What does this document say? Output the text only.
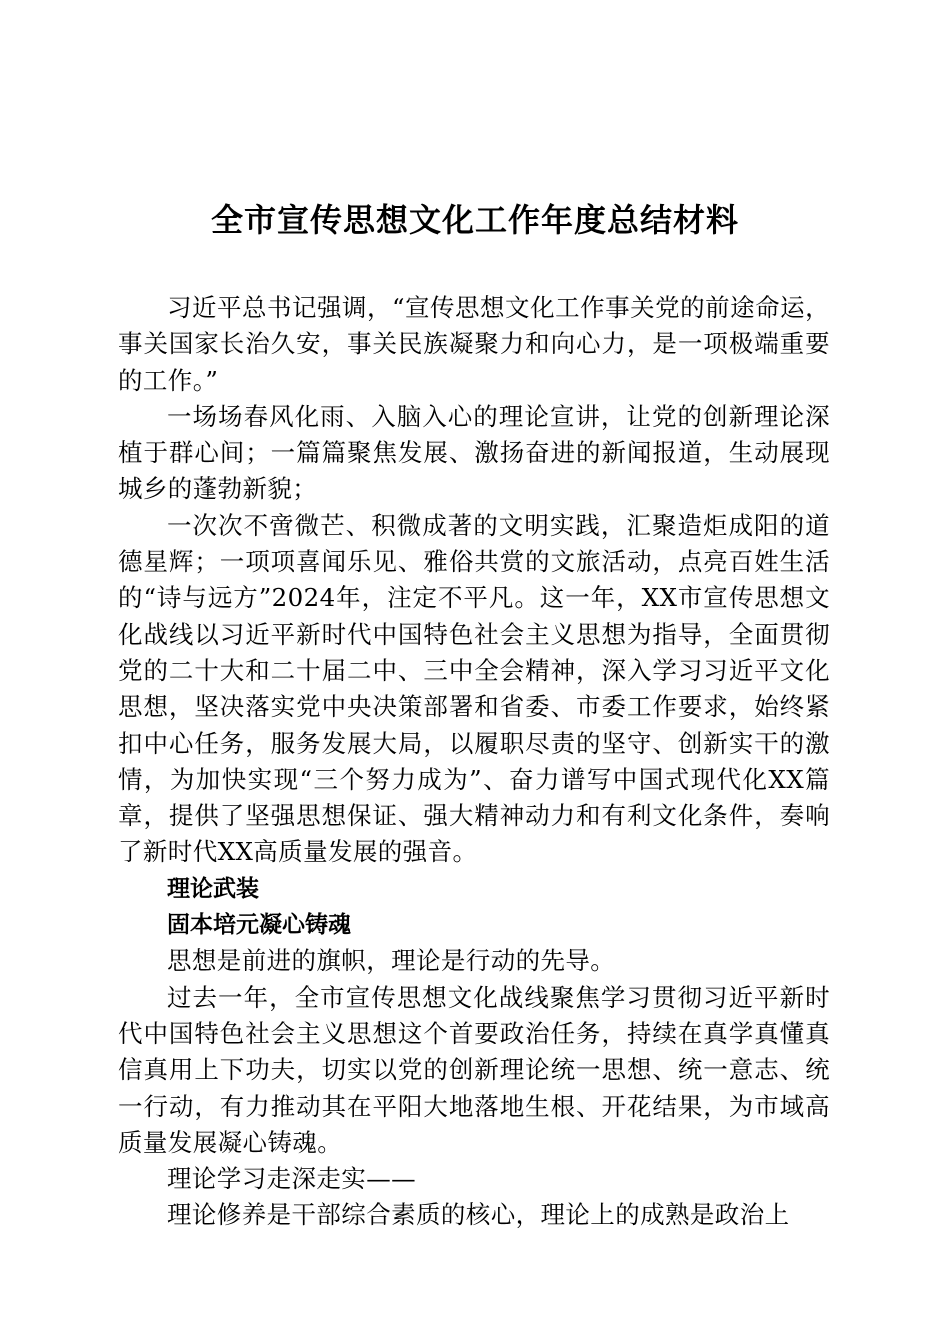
全市宣传思想文化工作年度总结材料

习近平总书记强调，“宣传思想文化工作事关党的前途命运，事关国家长治久安，事关民族凝聚力和向心力，是一项极端重要的工作。”

一场场春风化雨、入脑入心的理论宣讲，让党的创新理论深植于群心间；一篇篇聚焦发展、激扬奋进的新闻报道，生动展现城乡的蓬勃新貌；

一次次不啻微芒、积微成著的文明实践，汇聚造炬成阳的道德星辉；一项项喜闻乐见、雅俗共赏的文旅活动，点亮百姓生活的“诗与远方”2024年，注定不平凡。这一年，XX市宣传思想文化战线以习近平新时代中国特色社会主义思想为指导，全面贯彻党的二十大和二十届二中、三中全会精神，深入学习习近平文化思想，坚决落实党中央决策部署和省委、市委工作要求，始终紧扣中心任务，服务发展大局，以履职尽责的坚守、创新实干的激情，为加快实现“三个努力成为”、奋力谱写中国式现代化XX篇章，提供了坚强思想保证、强大精神动力和有利文化条件，奏响了新时代XX高质量发展的强音。

理论武装

固本培元凝心铸魂

思想是前进的旗帜，理论是行动的先导。

过去一年，全市宣传思想文化战线聚焦学习贯彻习近平新时代中国特色社会主义思想这个首要政治任务，持续在真学真懂真信真用上下功夫，切实以党的创新理论统一思想、统一意志、统一行动，有力推动其在平阳大地落地生根、开花结果，为市域高质量发展凝心铸魂。

理论学习走深走实——

理论修养是干部综合素质的核心，理论上的成熟是政治上
